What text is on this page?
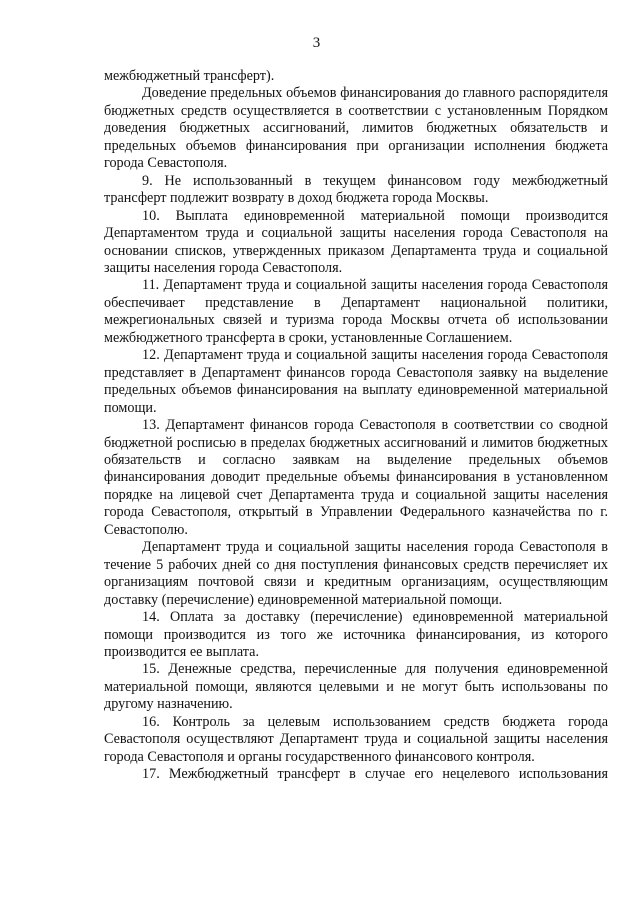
3

межбюджетный трансферт).

Доведение предельных объемов финансирования до главного распорядителя бюджетных средств осуществляется в соответствии с установленным Порядком доведения бюджетных ассигнований, лимитов бюджетных обязательств и предельных объемов финансирования при организации исполнения бюджета города Севастополя.

9. Не использованный в текущем финансовом году межбюджетный трансферт подлежит возврату в доход бюджета города Москвы.

10. Выплата единовременной материальной помощи производится Департаментом труда и социальной защиты населения города Севастополя на основании списков, утвержденных приказом Департамента труда и социальной защиты населения города Севастополя.

11. Департамент труда и социальной защиты населения города Севастополя обеспечивает представление в Департамент национальной политики, межрегиональных связей и туризма города Москвы отчета об использовании межбюджетного трансферта в сроки, установленные Соглашением.

12. Департамент труда и социальной защиты населения города Севастополя представляет в Департамент финансов города Севастополя заявку на выделение предельных объемов финансирования на выплату единовременной материальной помощи.

13. Департамент финансов города Севастополя в соответствии со сводной бюджетной росписью в пределах бюджетных ассигнований и лимитов бюджетных обязательств и согласно заявкам на выделение предельных объемов финансирования доводит предельные объемы финансирования в установленном порядке на лицевой счет Департамента труда и социальной защиты населения города Севастополя, открытый в Управлении Федерального казначейства по г. Севастополю.

Департамент труда и социальной защиты населения города Севастополя в течение 5 рабочих дней со дня поступления финансовых средств перечисляет их организациям почтовой связи и кредитным организациям, осуществляющим доставку (перечисление) единовременной материальной помощи.

14. Оплата за доставку (перечисление) единовременной материальной помощи производится из того же источника финансирования, из которого производится ее выплата.

15. Денежные средства, перечисленные для получения единовременной материальной помощи, являются целевыми и не могут быть использованы по другому назначению.

16. Контроль за целевым использованием средств бюджета города Севастополя осуществляют Департамент труда и социальной защиты населения города Севастополя и органы государственного финансового контроля.

17. Межбюджетный трансферт в случае его нецелевого использования
